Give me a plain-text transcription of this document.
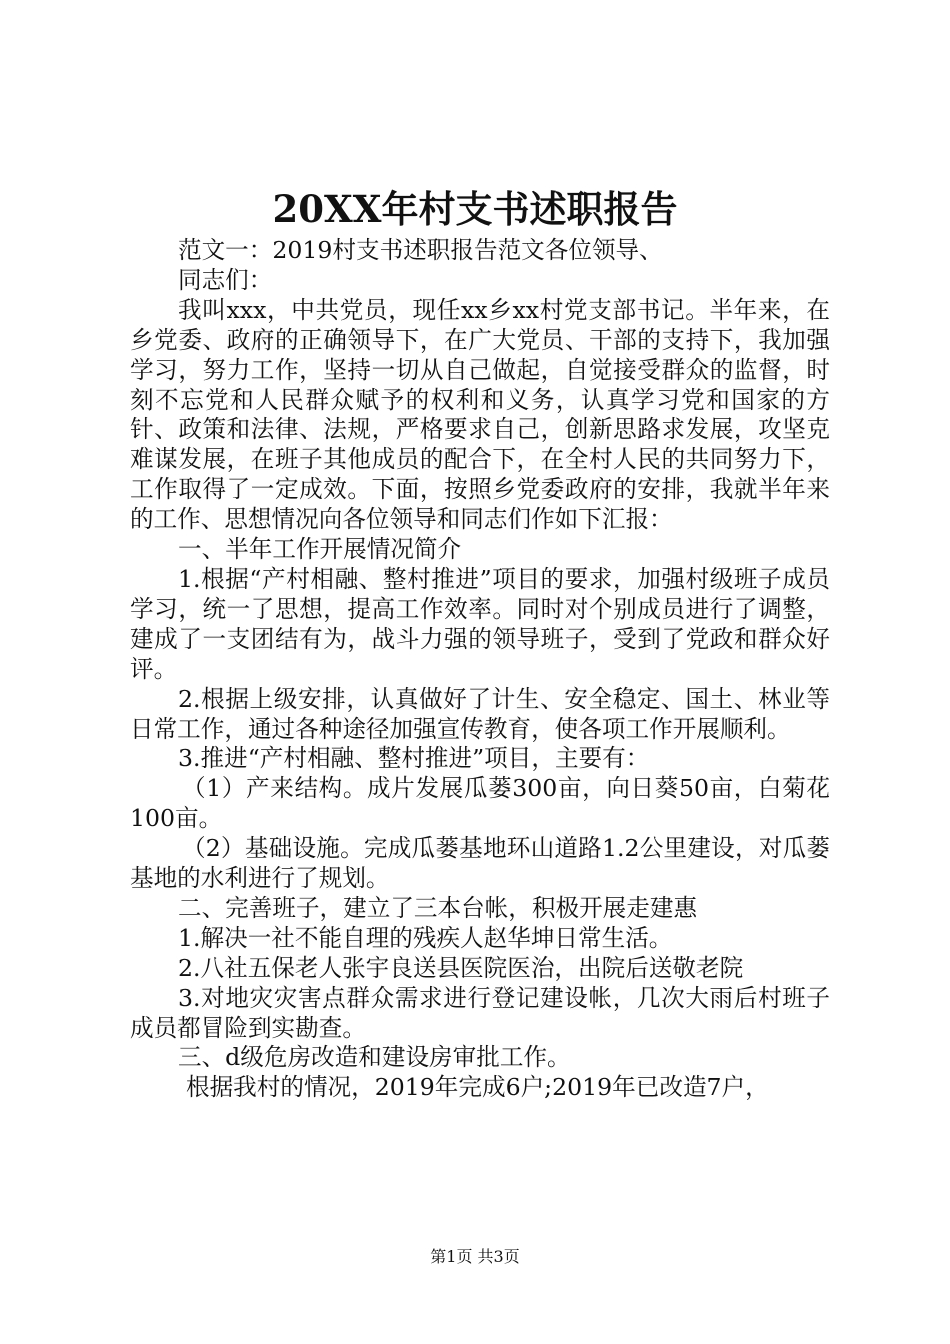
20XX年村支书述职报告

范文一：2019村支书述职报告范文各位领导、

同志们：

我叫xxx，中共党员，现任xx乡xx村党支部书记。半年来，在乡党委、政府的正确领导下，在广大党员、干部的支持下，我加强学习，努力工作，坚持一切从自己做起，自觉接受群众的监督，时刻不忘党和人民群众赋予的权利和义务，认真学习党和国家的方针、政策和法律、法规，严格要求自己，创新思路求发展，攻坚克难谋发展，在班子其他成员的配合下，在全村人民的共同努力下，工作取得了一定成效。下面，按照乡党委政府的安排，我就半年来的工作、思想情况向各位领导和同志们作如下汇报：

一、半年工作开展情况简介

1.根据“产村相融、整村推进”项目的要求，加强村级班子成员学习，统一了思想，提高工作效率。同时对个别成员进行了调整，建成了一支团结有为，战斗力强的领导班子，受到了党政和群众好评。

2.根据上级安排，认真做好了计生、安全稳定、国土、林业等日常工作，通过各种途径加强宣传教育，使各项工作开展顺利。

3.推进“产村相融、整村推进”项目，主要有：

（1）产来结构。成片发展瓜蒌300亩，向日葵50亩，白菊花100亩。

（2）基础设施。完成瓜蒌基地环山道路1.2公里建设，对瓜蒌基地的水利进行了规划。

二、完善班子，建立了三本台帐，积极开展走建惠

1.解决一社不能自理的残疾人赵华坤日常生活。

2.八社五保老人张宇良送县医院医治，出院后送敬老院

3.对地灾灾害点群众需求进行登记建设帐，几次大雨后村班子成员都冒险到实勘查。

三、d级危房改造和建设房审批工作。

根据我村的情况，2019年完成6户;2019年已改造7户，

第1页 共3页
